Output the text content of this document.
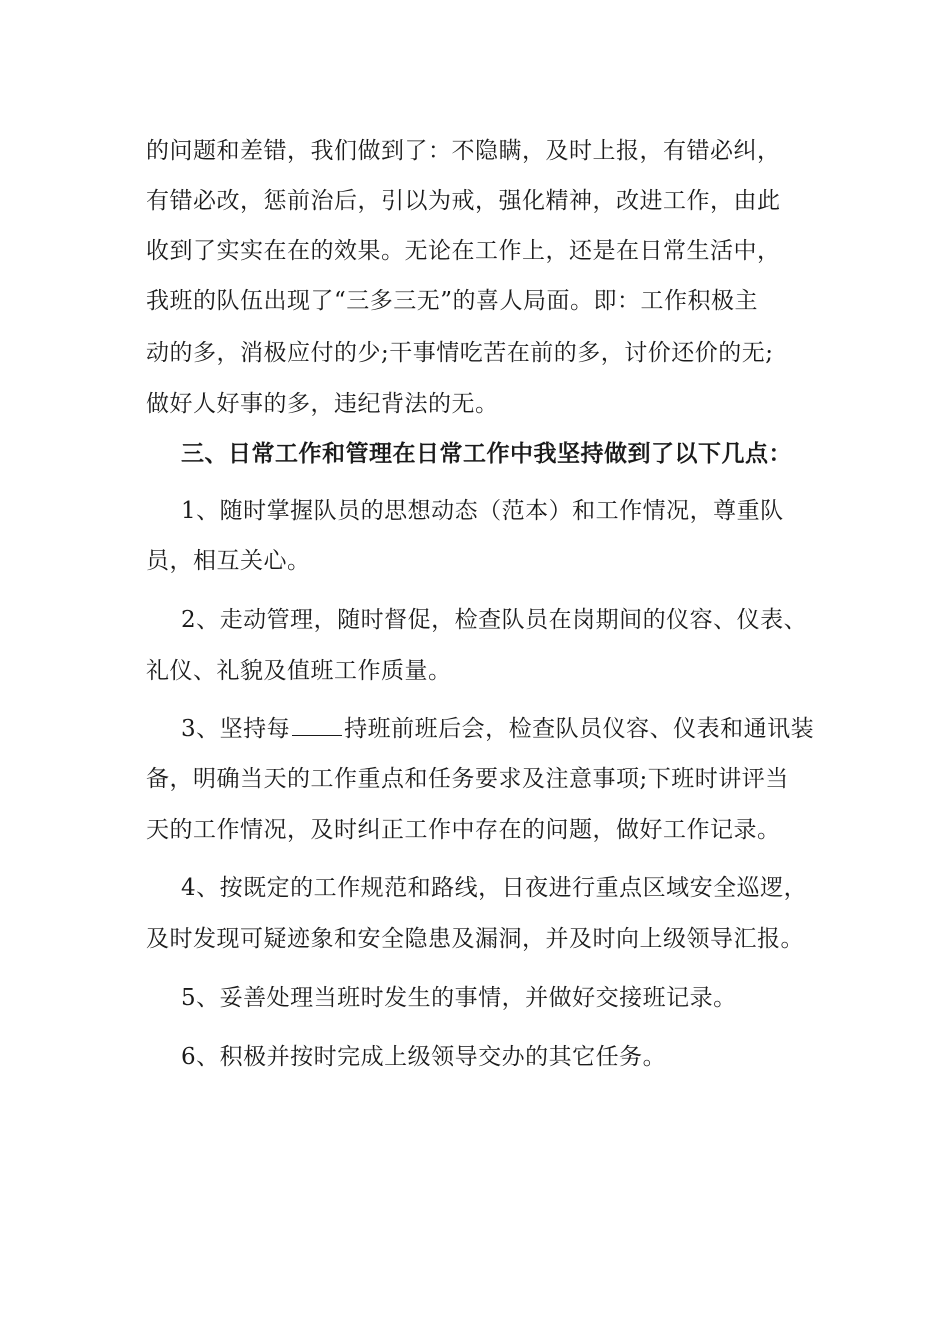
的问题和差错，我们做到了：不隐瞒，及时上报，有错必纠，
有错必改，惩前治后，引以为戒，强化精神，改进工作，由此
收到了实实在在的效果。无论在工作上，还是在日常生活中，
我班的队伍出现了“三多三无”的喜人局面。即：工作积极主
动的多，消极应付的少;干事情吃苦在前的多，讨价还价的无;
做好人好事的多，违纪背法的无。
三、日常工作和管理在日常工作中我坚持做到了以下几点：
1、随时掌握队员的思想动态（范本）和工作情况，尊重队
员，相互关心。
2、走动管理，随时督促，检查队员在岗期间的仪容、仪表、
礼仪、礼貌及值班工作质量。
3、坚持每 持班前班后会，检查队员仪容、仪表和通讯装
备，明确当天的工作重点和任务要求及注意事项;下班时讲评当
天的工作情况，及时纠正工作中存在的问题，做好工作记录。
4、按既定的工作规范和路线，日夜进行重点区域安全巡逻，
及时发现可疑迹象和安全隐患及漏洞，并及时向上级领导汇报。
5、妥善处理当班时发生的事情，并做好交接班记录。
6、积极并按时完成上级领导交办的其它任务。
